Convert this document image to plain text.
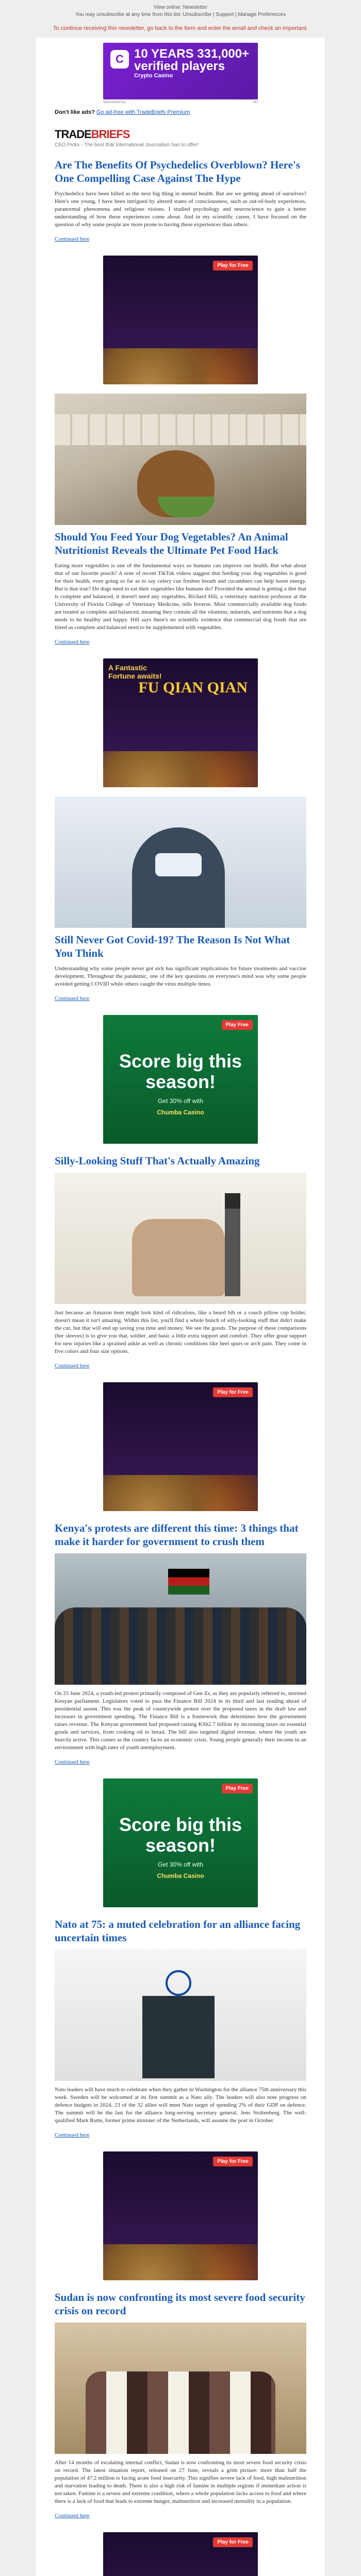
View online: Newsletter
You may unsubscribe at any time from this list: Unsubscribe | Support | Manage Preferences
To continue receiving this newsletter, go back to the form and enter the email and check an important.
C 10 YEARS 331,000+ verified players
Crypto Casino
Sponsored by	AD
Don't like ads? Go ad-free with TradeBriefs Premium
TRADEBRIEFS
CEO Picks - The best that international Journalism has to offer!
Are The Benefits Of Psychedelics Overblown? Here's One Compelling Case Against The Hype

Psychedelics have been billed as the next big thing in mental health. But are we getting ahead of ourselves? Here's one young. I have been intrigued by altered states of consciousness, such as out-of-body experiences, paranormal phenomena and religious visions. I studied psychology and neuroscience to gain a better understanding of how these experiences come about. And in my scientific career, I have focused on the question of why some people are more prone to having these experiences than others.

Continued here
Play for Free
Should You Feed Your Dog Vegetables? An Animal Nutritionist Reveals the Ultimate Pet Food Hack

Eating more vegetables is one of the fundamental ways so humans can improve our health. But what about that of our favorite pooch? A note of recent TikTok videos suggest that feeding your dog vegetables is good for their health, even going so far as to say celery can freshen breath and cucumbers can help boost energy. But is that true? Do dogs need to eat their vegetables like humans do? Provided the animal is getting a diet that is complete and balanced, it doesn't need any vegetables, Richard Hill, a veterinary nutrition professor at the University of Florida College of Veterinary Medicine, tells Inverse. Most commercially available dog foods are treated as complete and balanced, meaning they contain all the vitamins, minerals, and nutrients that a dog needs to be healthy and happy. Hill says there's no scientific evidence that commercial dog foods that are listed as complete and balanced need to be supplemented with vegetables.

Continued here
A Fantastic Fortune awaits!
FU QIAN QIAN
Still Never Got Covid-19? The Reason Is Not What You Think

Understanding why some people never got sick has significant implications for future treatments and vaccine development. Throughout the pandemic, one of the key questions on everyone's mind was why some people avoided getting COVID while others caught the virus multiple times.

Continued here
Play Free
Score big this season!
Get 30% off with
Chumba Casino
Silly-Looking Stuff That's Actually Amazing

Just because an Amazon item might look kind of ridiculous, like a beard bib or a couch pillow cup holder, doesn't mean it isn't amazing. Within this list, you'll find a whole bunch of silly-looking stuff that didn't make the cut, but that will end up saving you time and money. We see the goods. The purpose of these comparisons (her sleeves) is to give you that, soldier, and basic a little extra support and comfort. They offer great support for new injuries like a sprained ankle as well as chronic conditions like heel spurs or arch pain. They come in five colors and four size options.

Continued here
Play for Free
Kenya's protests are different this time: 3 things that make it harder for government to crush them

On 25 June 2024, a youth-led protest primarily composed of Gen Zs, as they are popularly referred to, stormed Kenyan parliament. Legislators voted to pass the Finance Bill 2024 in its third and last reading ahead of presidential assent. This was the peak of countrywide protest over the proposed taxes in the draft law and increases in government spending. The Finance Bill is a framework that determines how the government raises revenue. The Kenyan government had proposed raising KSh2.7 billion by increasing taxes on essential goods and services, from cooking oil to bread. The bill also targeted digital revenue, where the youth are heavily active. This comes as the country faces an economic crisis. Young people generally their income in an environment with high rates of youth unemployment.

Continued here
Play Free
Score big this season!
Get 30% off with
Chumba Casino
Nato at 75: a muted celebration for an alliance facing uncertain times

Nato leaders will have much to celebrate when they gather in Washington for the alliance 75th anniversary this week. Sweden will be welcomed at its first summit as a Nato ally. The leaders will also note progress on defence budgets in 2024, 23 of the 32 allies will meet Nato target of spending 2% of their GDP on defence. The summit will be the last for the alliance long-serving secretary general, Jens Stoltenberg. The well-qualified Mark Rutte, former prime minister of the Netherlands, will assume the post in October.

Continued here
Play for Free
Sudan is now confronting its most severe food security crisis on record

After 14 months of escalating internal conflict, Sudan is now confronting its most severe food security crisis on record. The latest situation report, released on 27 June, reveals a grim picture: more than half the population of 47.2 million is facing acute food insecurity. This signifies severe lack of food, high malnutrition and starvation leading to death. There is also a high risk of famine in multiple regions if immediate action is not taken. Famine is a severe and extreme condition, where a whole population lacks access to food and where there is a lack of food that leads to extreme hunger, malnutrition and increased mortality in a population.

Continued here
Play for Free
